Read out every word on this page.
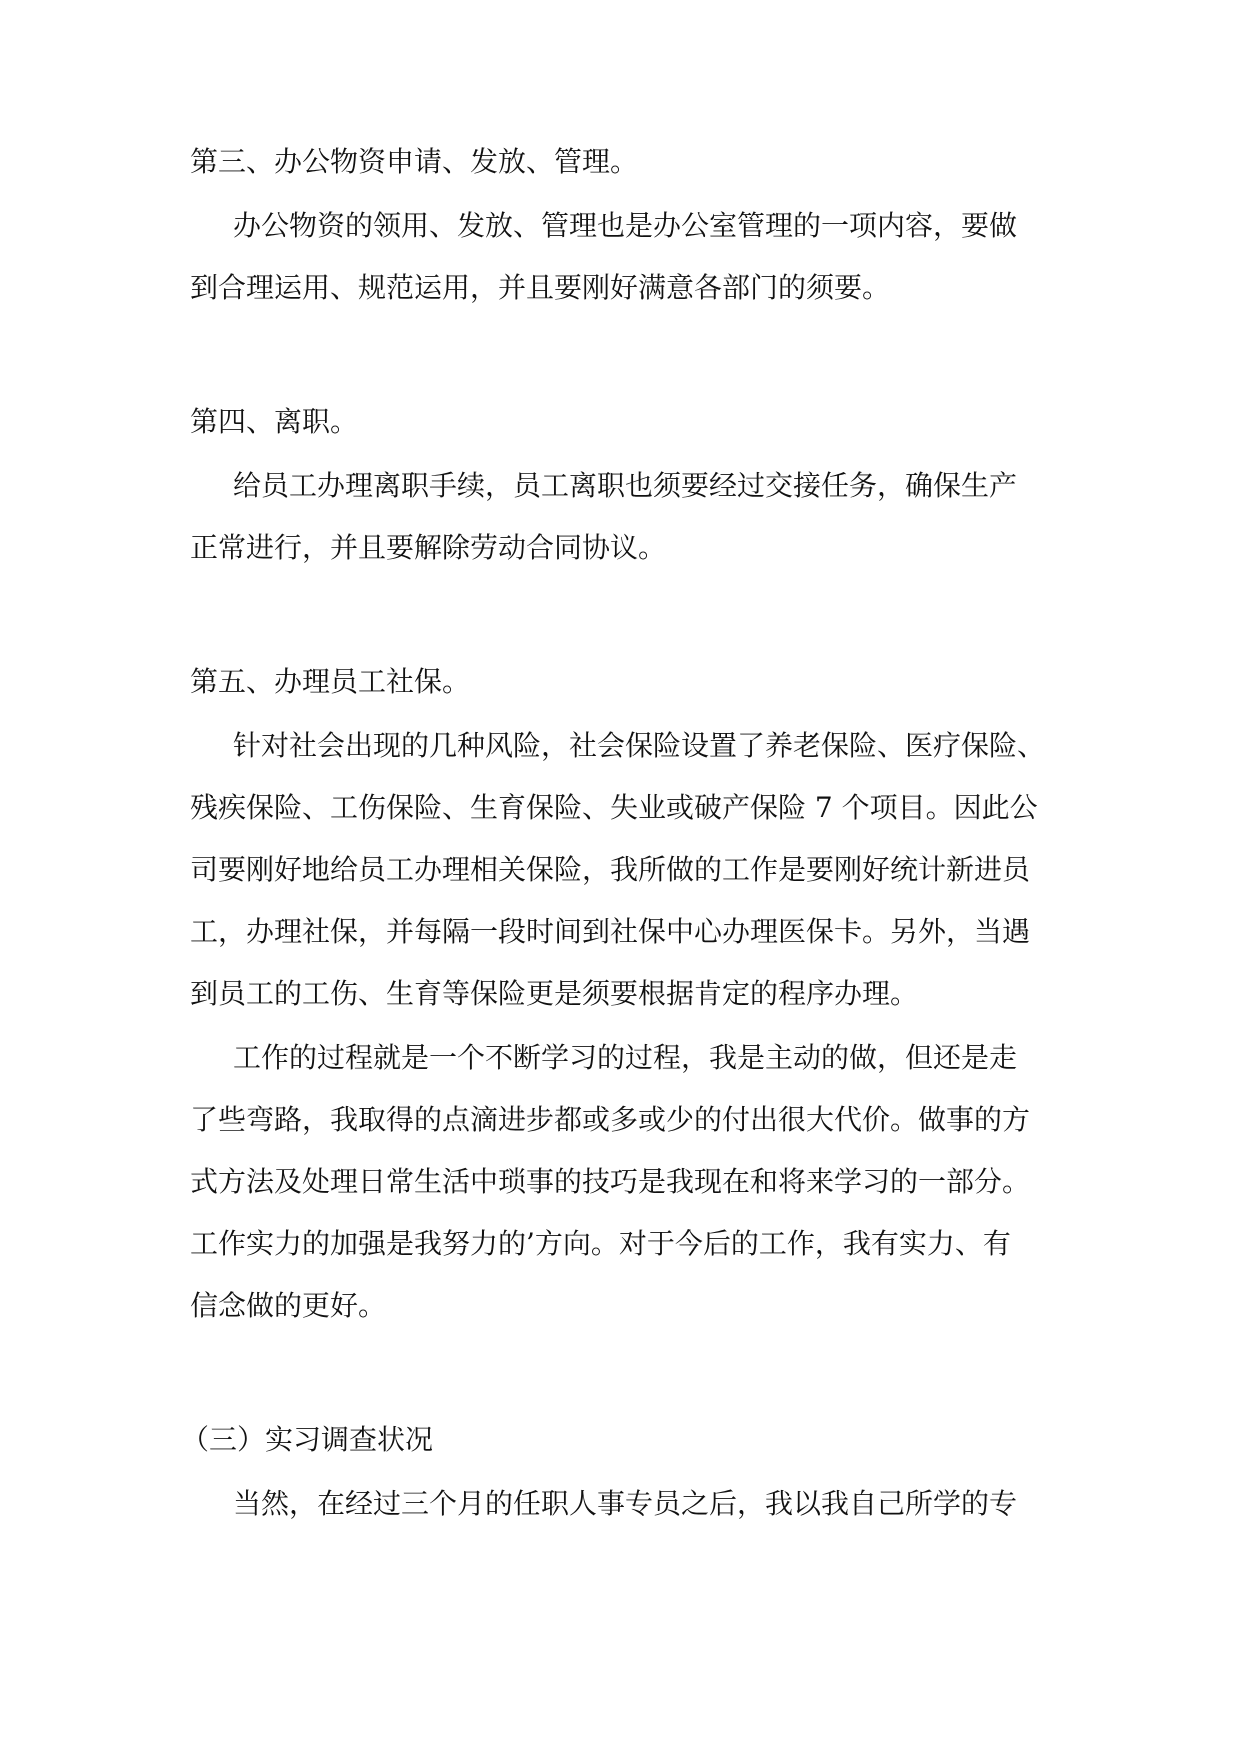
第三、办公物资申请、发放、管理。
办公物资的领用、发放、管理也是办公室管理的一项内容，要做
到合理运用、规范运用，并且要刚好满意各部门的须要。
第四、离职。
给员工办理离职手续，员工离职也须要经过交接任务，确保生产
正常进行，并且要解除劳动合同协议。
第五、办理员工社保。
针对社会出现的几种风险，社会保险设置了养老保险、医疗保险、
残疾保险、工伤保险、生育保险、失业或破产保险 7 个项目。因此公
司要刚好地给员工办理相关保险，我所做的工作是要刚好统计新进员
工，办理社保，并每隔一段时间到社保中心办理医保卡。另外，当遇
到员工的工伤、生育等保险更是须要根据肯定的程序办理。
工作的过程就是一个不断学习的过程，我是主动的做，但还是走
了些弯路，我取得的点滴进步都或多或少的付出很大代价。做事的方
式方法及处理日常生活中琐事的技巧是我现在和将来学习的一部分。
工作实力的加强是我努力的’方向。对于今后的工作，我有实力、有
信念做的更好。
（三）实习调查状况
当然，在经过三个月的任职人事专员之后，我以我自己所学的专
